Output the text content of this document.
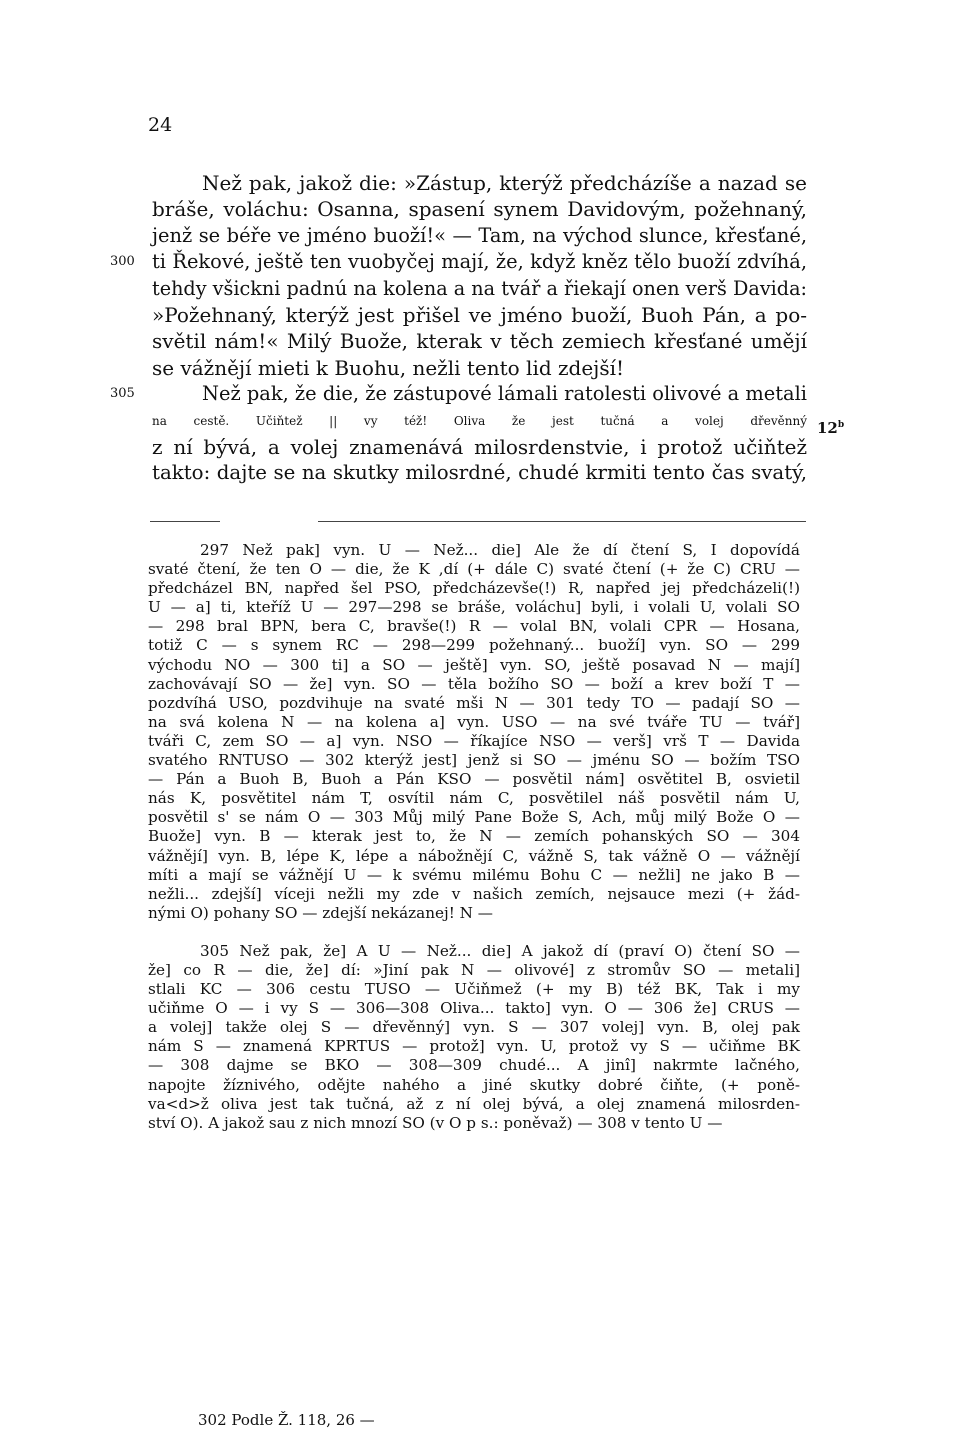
24
Než pak, jakož die: »Zástup, kterýž předcházíše a nazad se
bráše, voláchu: Osanna, spasení synem Davidovým, požehnaný,
jenž se béře ve jméno buoží!« — Tam, na východ slunce, křesťané,
ti Řekové, ještě ten vuobyčej mají, že, když kněz tělo buoží zdvíhá,
300
tehdy všickni padnú na kolena a na tvář a řiekají onen verš Davida:
»Požehnaný, kterýž jest přišel ve jméno buoží, Buoh Pán, a po-
světil nám!« Milý Buože, kterak v těch zemiech křesťané umějí
se vážnějí mieti k Buohu, nežli tento lid zdejší!
Než pak, že die, že zástupové lámali ratolesti olivové a metali
305
na cestě. Učiňtež || vy též! Oliva že jest tučná a volej dřevěnný 12$^b$
z ní bývá, a volej znamenává milosrdenstvie, i protož učiňtež
takto: dajte se na skutky milosrdné, chudé krmiti tento čas svatý,
297 Než pak] vyn. U — Než... die] Ale že dí čtení S, I dopovídá
svaté čtení, že ten O — die, že K ,dí (+ dále C) svaté čtení (+ že C) CRU —
předcházel BN, napřed šel PSO, předcházevše(!) R, napřed jej předcházeli(!)
U — a] ti, kteříž U — 297—298 se bráše, voláchu] byli, i volali U, volali SO
— 298 bral BPN, bera C, bravše(!) R — volal BN, volali CPR — Hosana,
totiž C — s synem RC — 298—299 požehnaný... buoží] vyn. SO — 299
východu NO — 300 ti] a SO — ještě] vyn. SO, ještě posavad N — mají]
zachovávají SO — že] vyn. SO — těla božího SO — boží a krev boží T —
pozdvíhá USO, pozdvihuje na svaté mši N — 301 tedy TO — padají SO —
na svá kolena N — na kolena a] vyn. USO — na své tváře TU — tvář]
tváři C, zem SO — a] vyn. NSO — říkajíce NSO — verš] vrš T — Davida
svatého RNTUSO — 302 kterýž jest] jenž si SO — jménu SO — božím TSO
— Pán a Buoh B, Buoh a Pán KSO — posvětil nám] osvětitel B, osvietil
nás K, posvětitel nám T, osvítil nám C, posvětilel náš posvětil nám U,
posvětil s' se nám O — 303 Můj milý Pane Bože S, Ach, můj milý Bože O —
Buože] vyn. B — kterak jest to, že N — zemích pohanských SO — 304
vážnějí] vyn. B, lépe K, lépe a nábožnějí C, vážně S, tak vážně O — vážnějí
míti a mají se vážnějí U — k svému milému Bohu C — nežli] ne jako B —
nežli... zdejší] víceji nežli my zde v našich zemích, nejsauce mezi (+ žád-
nými O) pohany SO — zdejší nekázanej! N —
305 Než pak, že] A U — Než... die] A jakož dí (praví O) čtení SO —
že] co R — die, že] dí: »Jiní pak N — olivové] z stromův SO — metali]
stlali KC — 306 cestu TUSO — Učiňmež (+ my B) též BK, Tak i my
učiňme O — i vy S — 306—308 Oliva... takto] vyn. O — 306 že] CRUS —
a volej] takže olej S — dřevěnný] vyn. S — 307 volej] vyn. B, olej pak
nám S — znamená KPRTUS — protož] vyn. U, protož vy S — učiňme BK
— 308 dajme se BKO — 308—309 chudé... A jinî] nakrmte lačného,
napojte žíznivého, oděјte nahého a jiné skutky dobré čiňte, (+ poně-
va<d>ž oliva jest tak tučná, až z ní olej bývá, a olej znamená milosrden-
ství O). A jakož sau z nich mnozí SO (v O p s.: poněvaž) — 308 v tento U —
302 Podle Ž. 118, 26 —
